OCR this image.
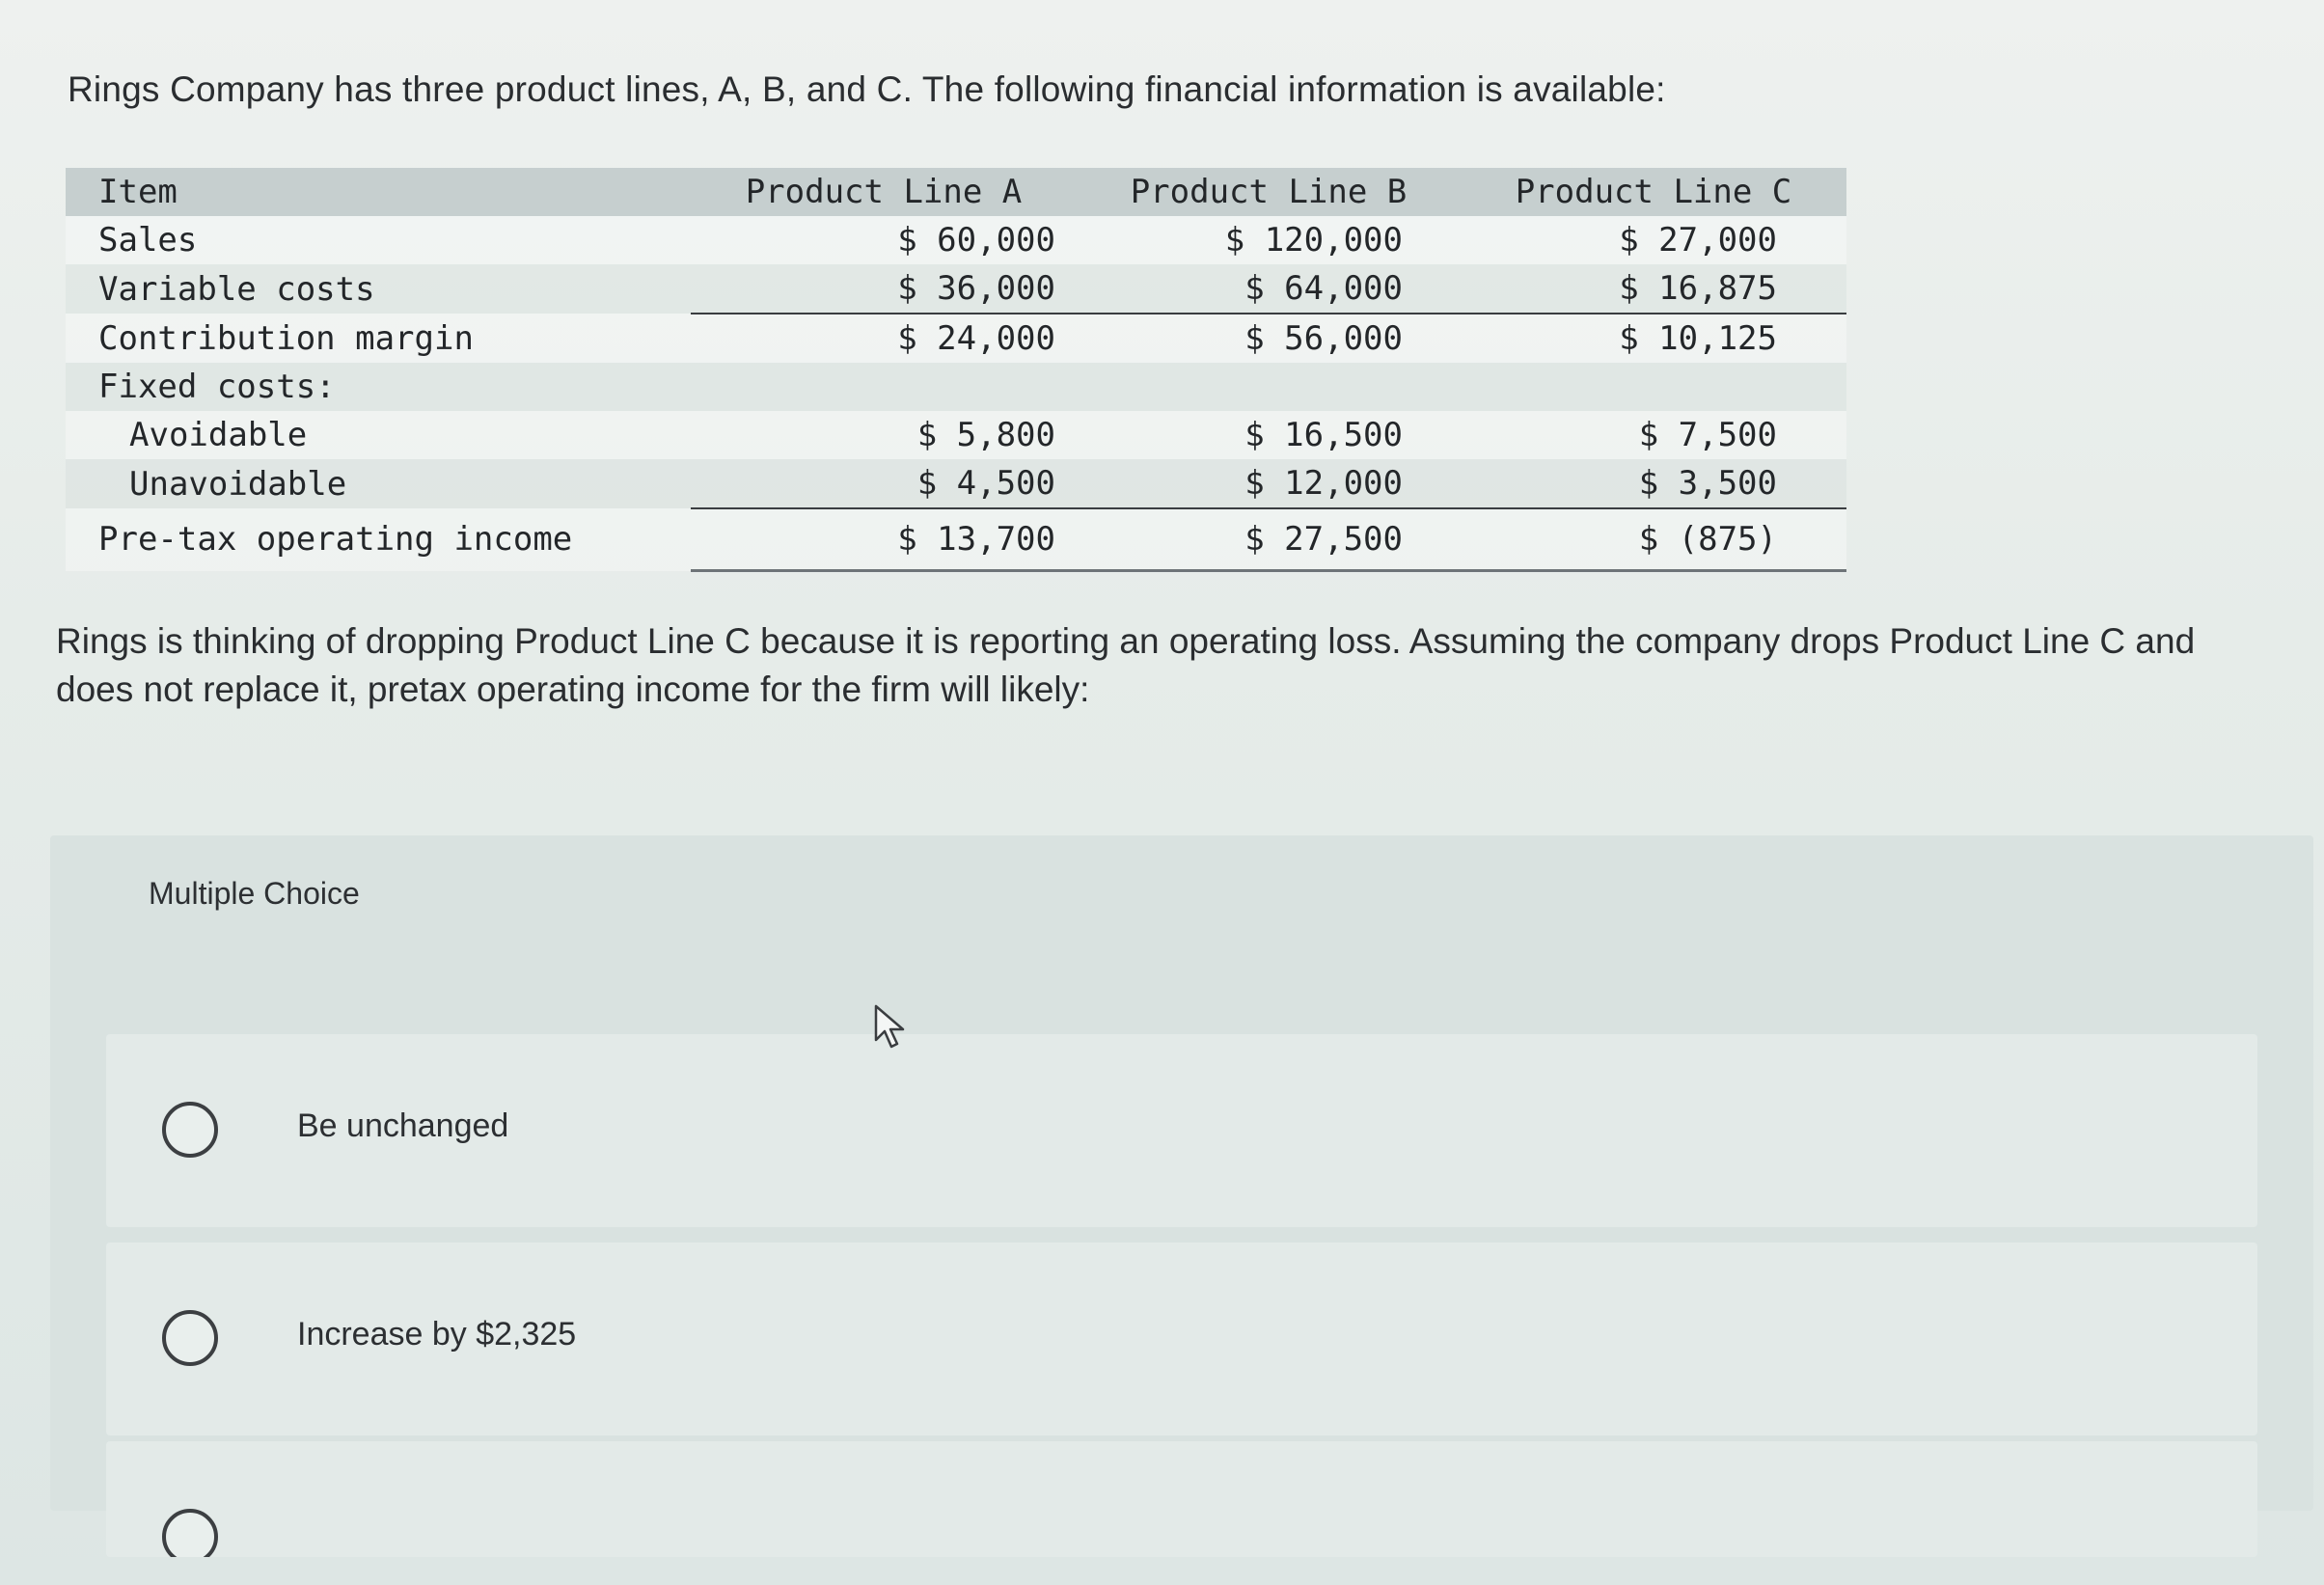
Rings Company has three product lines, A, B, and C. The following financial information is available:
Item	Product Line A	Product Line B	Product Line C
Sales	$ 60,000	$ 120,000	$ 27,000
Variable costs	$ 36,000	$ 64,000	$ 16,875
Contribution margin	$ 24,000	$ 56,000	$ 10,125
Fixed costs:			
Avoidable	$ 5,800	$ 16,500	$ 7,500
Unavoidable	$ 4,500	$ 12,000	$ 3,500
Pre-tax operating income	$ 13,700	$ 27,500	$ (875)
Rings is thinking of dropping Product Line C because it is reporting an operating loss. Assuming the company drops Product Line C and does not replace it, pretax operating income for the firm will likely:
Multiple Choice
Be unchanged
Increase by $2,325
